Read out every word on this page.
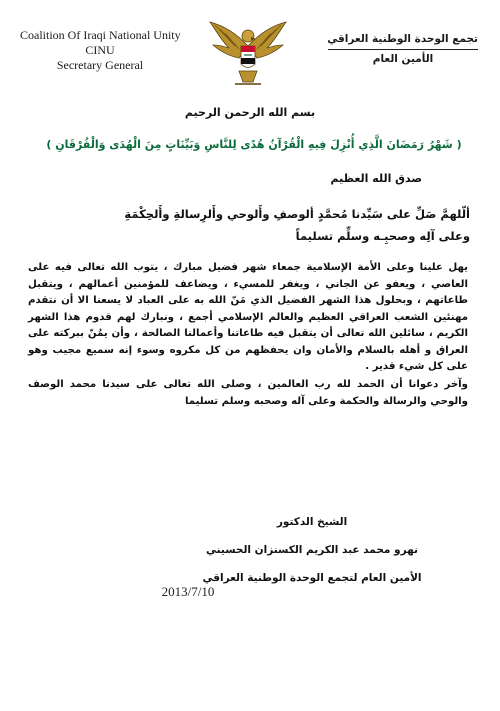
Coalition Of Iraqi National Unity
CINU
Secretary General
تجمع الوحدة الوطنية العراقي
الأمين العام
بسم الله الرحمن الرحيم
( شَهْرُ رَمَضَانَ الَّذِي أُنْزِلَ فِيهِ الْقُرْآنُ هُدًى لِلنَّاسِ وَبَيِّنَاتٍ مِنَ الْهُدَى وَالْفُرْقَانِ )
صدق الله العظيم
ألّلهمَّ صَلِّ على سَيِّدنا مُحمَّدٍ ألوصفِ وأَلوحي وأَلرِسالةِ وأَلحِكْمَةِ
وعلى آلِه وصحبِـه وسلِّم تسليماً
يهل علينا وعلى الأمة الإسلامية جمعاء شهر فضيل مبارك ، يتوب الله تعالى فيه على العاصي ، ويعفو عن الجاني ، ويغفر للمسيء ، ويضاعف للمؤمنين أعمالهم ، ويتقبل طاعاتهم ، وبحلول هذا الشهر الفضيل الذي مَنّ الله به على العباد لا يسعنا الا أن نتقدم مهنئين الشعب العراقي العظيم والعالم الإسلامي أجمع ، ونبارك لهم قدوم هذا الشهر الكريم ، سائلين الله تعالى أن يتقبل فيه طاعاتنا وأعمالنا الصالحة ، وأن يمُنّ ببركته على العراق و أهله بالسلام والأمان وان يحفظهم من كل مكروه وسوء إنه سميع مجيب وهو على كل شيء قدير .
وآخر دعوانا أن الحمد لله رب العالمين ، وصلى الله تعالى على سيدنا محمد الوصف والوحي والرسالة والحكمة وعلى آله وصحبه وسلم تسليما
الشيخ الدكتور
نهرو محمد عبد الكريم الكسنزان الحسيني
الأمين العام لتجمع الوحدة الوطنية العراقي
2013/7/10
